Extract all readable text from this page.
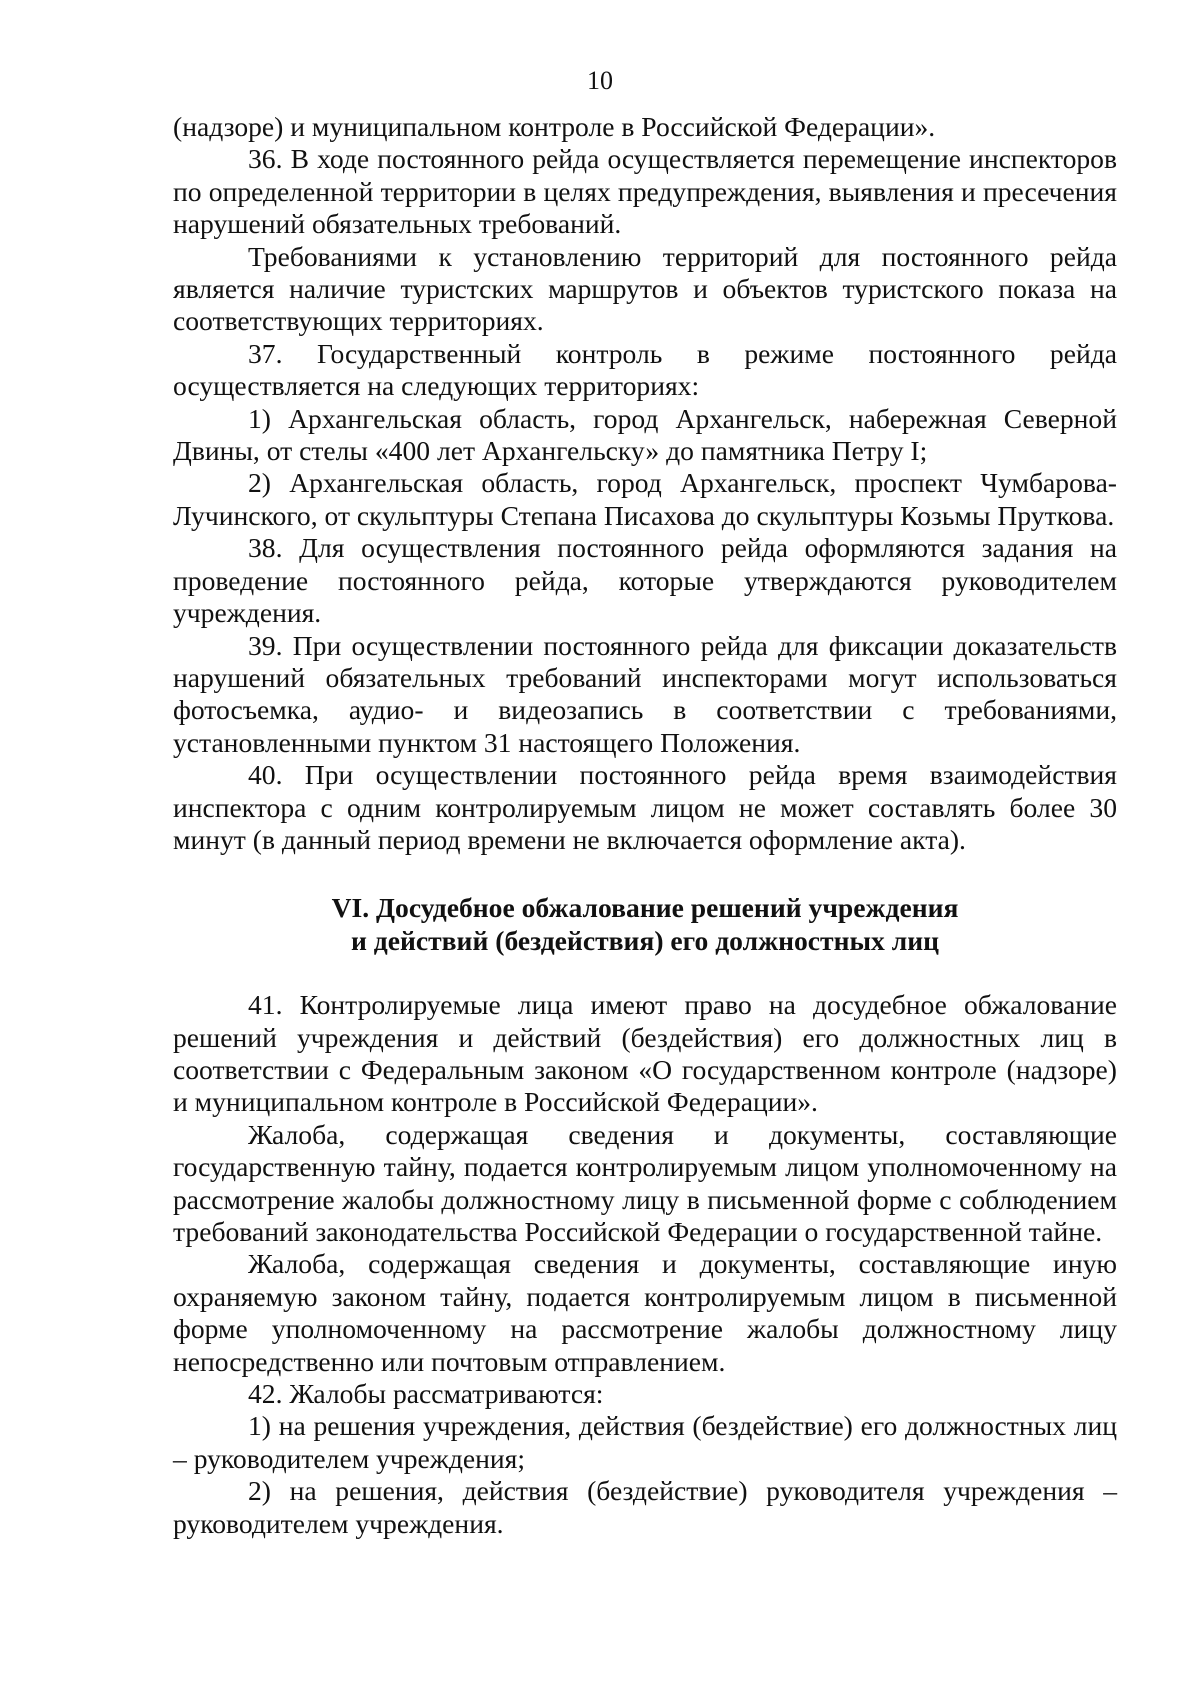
10

(надзоре) и муниципальном контроле в Российской Федерации».

36. В ходе постоянного рейда осуществляется перемещение инспекторов по определенной территории в целях предупреждения, выявления и пресечения нарушений обязательных требований.

Требованиями к установлению территорий для постоянного рейда является наличие туристских маршрутов и объектов туристского показа на соответствующих территориях.

37. Государственный контроль в режиме постоянного рейда осуществляется на следующих территориях:

1) Архангельская область, город Архангельск, набережная Северной Двины, от стелы «400 лет Архангельску» до памятника Петру I;

2) Архангельская область, город Архангельск, проспект Чумбарова-Лучинского, от скульптуры Степана Писахова до скульптуры Козьмы Пруткова.

38. Для осуществления постоянного рейда оформляются задания на проведение постоянного рейда, которые утверждаются руководителем учреждения.

39. При осуществлении постоянного рейда для фиксации доказательств нарушений обязательных требований инспекторами могут использоваться фотосъемка, аудио- и видеозапись в соответствии с требованиями, установленными пунктом 31 настоящего Положения.

40. При осуществлении постоянного рейда время взаимодействия инспектора с одним контролируемым лицом не может составлять более 30 минут (в данный период времени не включается оформление акта).

VI. Досудебное обжалование решений учреждения
и действий (бездействия) его должностных лиц

41. Контролируемые лица имеют право на досудебное обжалование решений учреждения и действий (бездействия) его должностных лиц в соответствии с Федеральным законом «О государственном контроле (надзоре) и муниципальном контроле в Российской Федерации».

Жалоба, содержащая сведения и документы, составляющие государственную тайну, подается контролируемым лицом уполномоченному на рассмотрение жалобы должностному лицу в письменной форме с соблюдением требований законодательства Российской Федерации о государственной тайне.

Жалоба, содержащая сведения и документы, составляющие иную охраняемую законом тайну, подается контролируемым лицом в письменной форме уполномоченному на рассмотрение жалобы должностному лицу непосредственно или почтовым отправлением.

42. Жалобы рассматриваются:

1) на решения учреждения, действия (бездействие) его должностных лиц – руководителем учреждения;

2) на решения, действия (бездействие) руководителя учреждения – руководителем учреждения.
